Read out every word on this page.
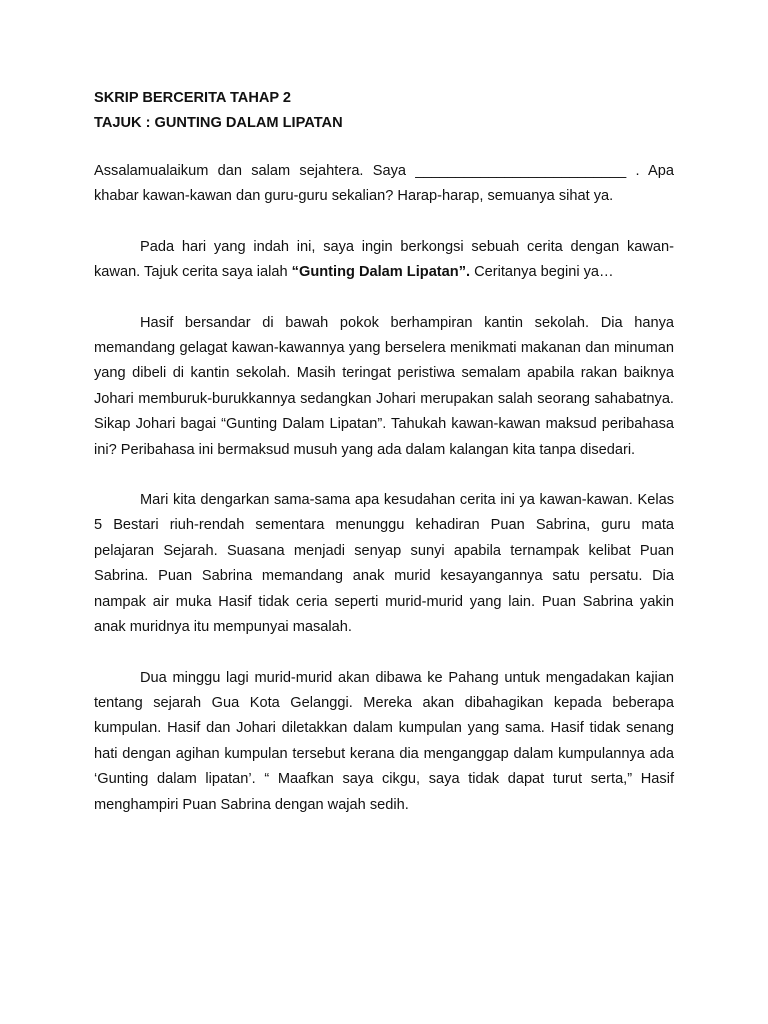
SKRIP BERCERITA TAHAP 2

TAJUK : GUNTING DALAM LIPATAN

Assalamualaikum dan salam sejahtera. Saya __________________________ . Apa khabar kawan-kawan dan guru-guru sekalian? Harap-harap, semuanya sihat ya.

Pada hari yang indah ini, saya ingin berkongsi sebuah cerita dengan kawan-kawan. Tajuk cerita saya ialah “Gunting Dalam Lipatan”. Ceritanya begini ya…

Hasif bersandar di bawah pokok berhampiran kantin sekolah. Dia hanya memandang gelagat kawan-kawannya yang berselera menikmati makanan dan minuman yang dibeli di kantin sekolah. Masih teringat peristiwa semalam apabila rakan baiknya Johari memburuk-burukkannya sedangkan Johari merupakan salah seorang sahabatnya. Sikap Johari bagai “Gunting Dalam Lipatan”. Tahukah kawan-kawan maksud peribahasa ini? Peribahasa ini bermaksud musuh yang ada dalam kalangan kita tanpa disedari.

Mari kita dengarkan sama-sama apa kesudahan cerita ini ya kawan-kawan. Kelas 5 Bestari riuh-rendah sementara menunggu kehadiran Puan Sabrina, guru mata pelajaran Sejarah. Suasana menjadi senyap sunyi apabila ternampak kelibat Puan Sabrina. Puan Sabrina memandang anak murid kesayangannya satu persatu. Dia nampak air muka Hasif tidak ceria seperti murid-murid yang lain. Puan Sabrina yakin anak muridnya itu mempunyai masalah.

Dua minggu lagi murid-murid akan dibawa ke Pahang untuk mengadakan kajian tentang sejarah Gua Kota Gelanggi. Mereka akan dibahagikan kepada beberapa kumpulan. Hasif dan Johari diletakkan dalam kumpulan yang sama. Hasif tidak senang hati dengan agihan kumpulan tersebut kerana dia menganggap dalam kumpulannya ada ‘Gunting dalam lipatan’. “ Maafkan saya cikgu, saya tidak dapat turut serta,” Hasif menghampiri Puan Sabrina dengan wajah sedih.
